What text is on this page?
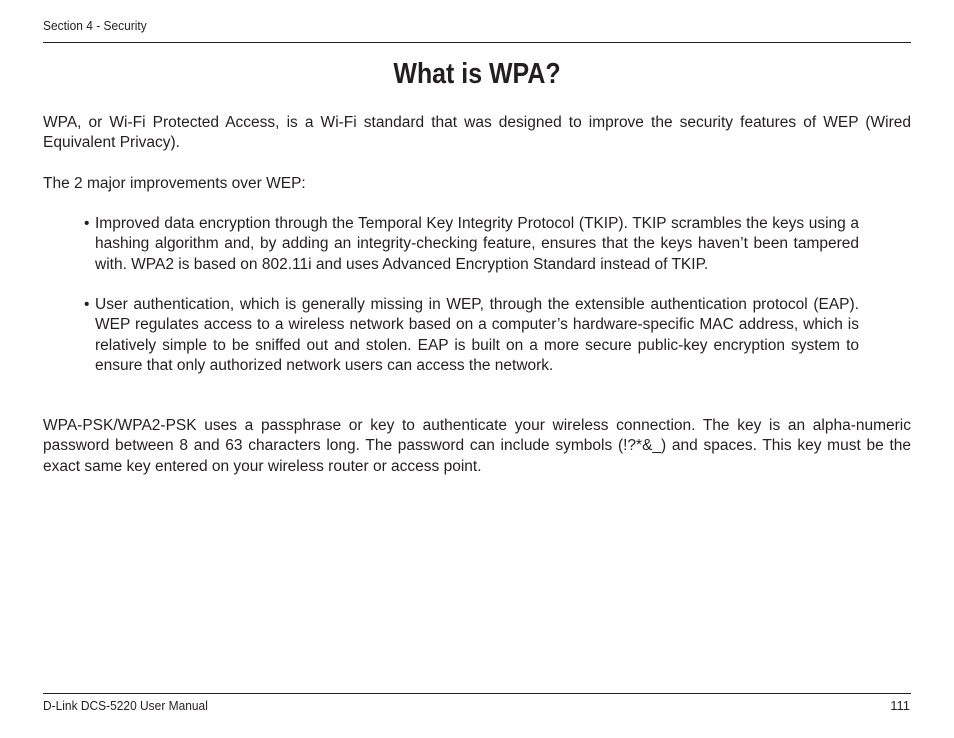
Section 4 - Security
What is WPA?

WPA, or Wi-Fi Protected Access, is a Wi-Fi standard that was designed to improve the security features of WEP (Wired Equivalent Privacy).

The 2 major improvements over WEP:

• Improved data encryption through the Temporal Key Integrity Protocol (TKIP). TKIP scrambles the keys using a hashing algorithm and, by adding an integrity-checking feature, ensures that the keys haven’t been tampered with. WPA2 is based on 802.11i and uses Advanced Encryption Standard instead of TKIP.

• User authentication, which is generally missing in WEP, through the extensible authentication protocol (EAP). WEP regulates access to a wireless network based on a computer’s hardware-specific MAC address, which is relatively simple to be sniffed out and stolen. EAP is built on a more secure public-key encryption system to ensure that only authorized network users can access the network.

WPA-PSK/WPA2-PSK uses a passphrase or key to authenticate your wireless connection. The key is an alpha-numeric password between 8 and 63 characters long. The password can include symbols (!?*&_) and spaces. This key must be the exact same key entered on your wireless router or access point.

D-Link DCS-5220 User Manual	111
